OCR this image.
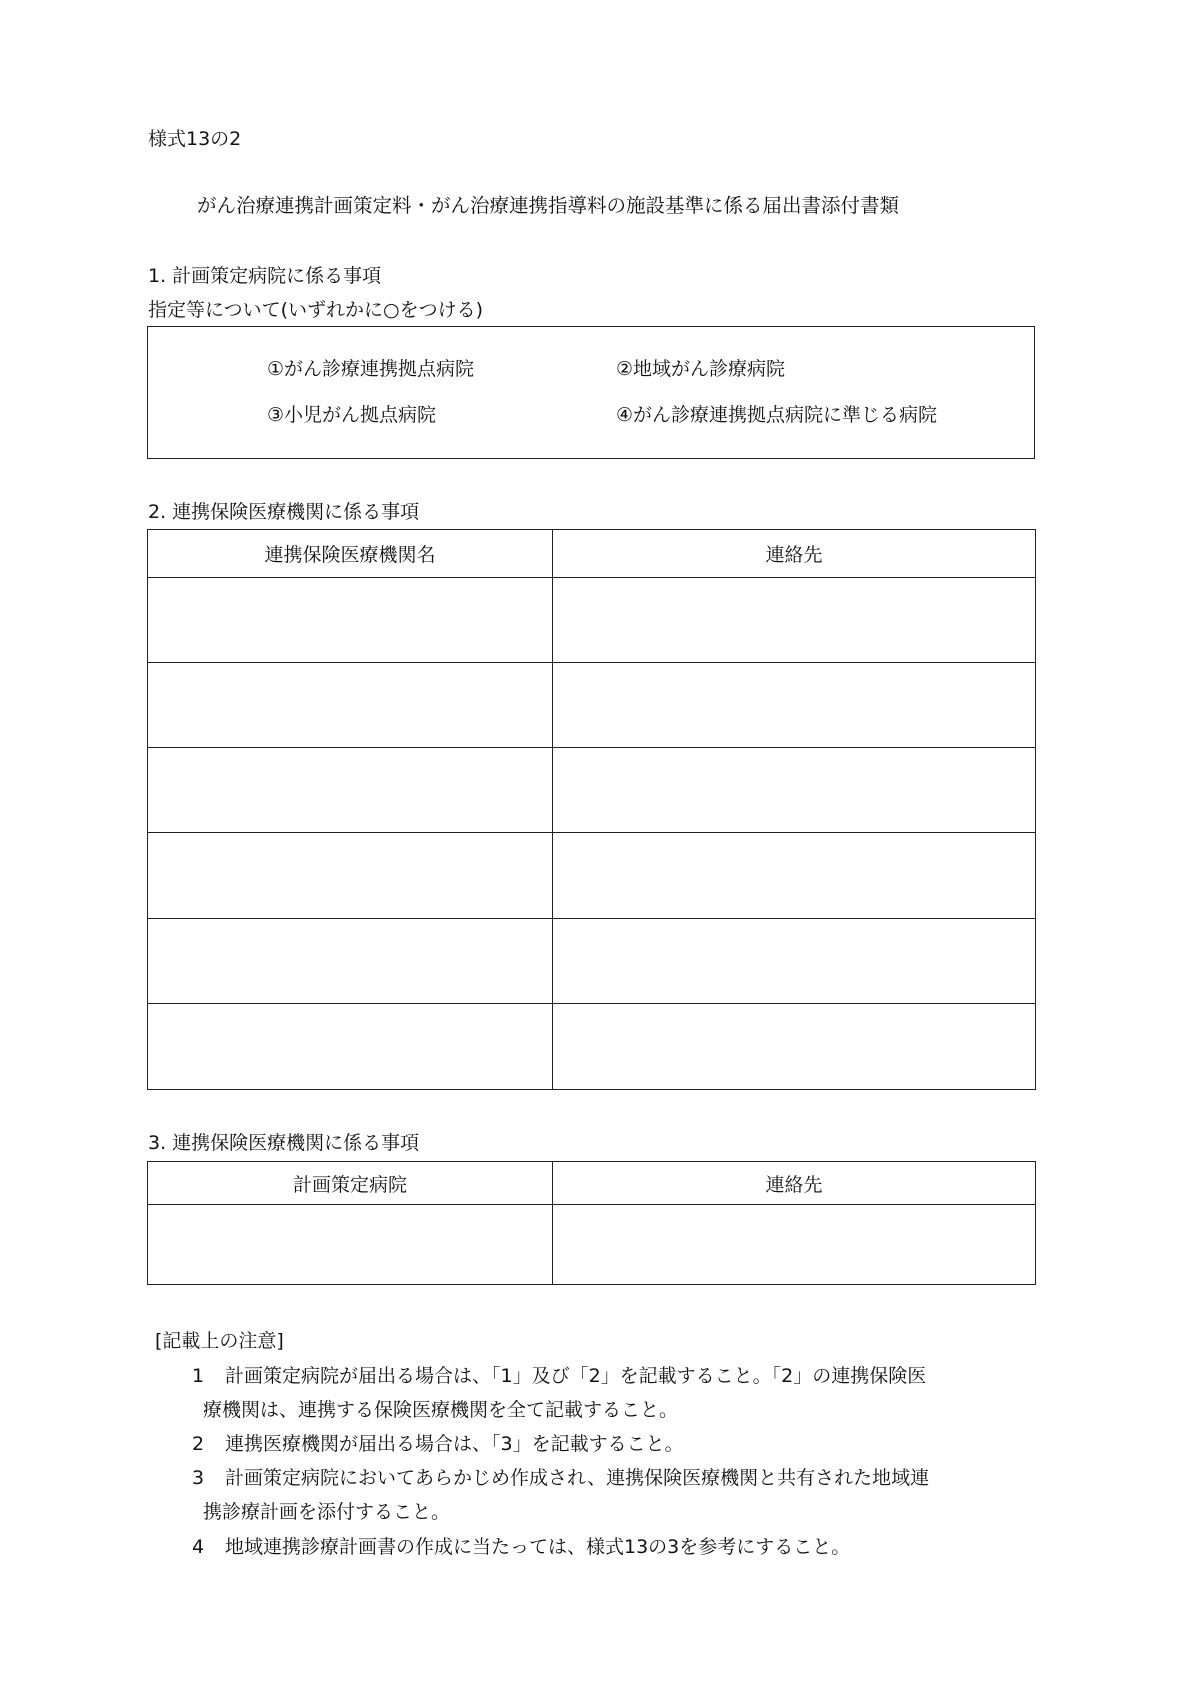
様式13の2
がん治療連携計画策定料・がん治療連携指導料の施設基準に係る届出書添付書類
1. 計画策定病院に係る事項
指定等について(いずれかに○をつける)
①がん診療連携拠点病院	②地域がん診療病院
③小児がん拠点病院	④がん診療連携拠点病院に準じる病院
2. 連携保険医療機関に係る事項
連携保険医療機関名	連絡先

3. 連携保険医療機関に係る事項
計画策定病院	連絡先

[記載上の注意]
1 計画策定病院が届出る場合は、「1」及び「2」を記載すること。「2」の連携保険医
療機関は、連携する保険医療機関を全て記載すること。
2 連携医療機関が届出る場合は、「3」を記載すること。
3 計画策定病院においてあらかじめ作成され、連携保険医療機関と共有された地域連
携診療計画を添付すること。
4 地域連携診療計画書の作成に当たっては、様式13の3を参考にすること。
